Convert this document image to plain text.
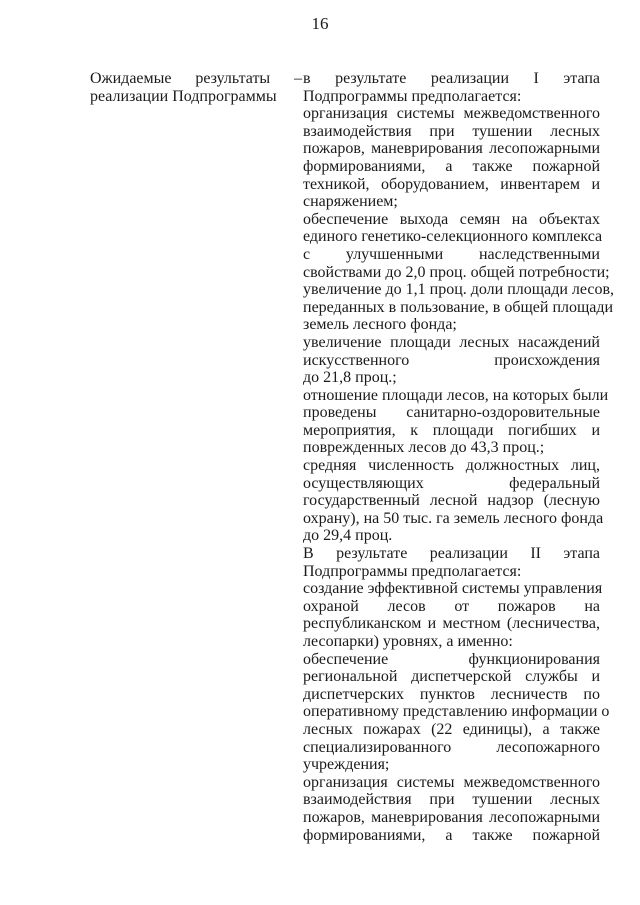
16
Ожидаемые результаты –
реализации Подпрограммы
в результате реализации I этапа
Подпрограммы предполагается:
организация системы межведомственного
взаимодействия при тушении лесных
пожаров, маневрирования лесопожарными
формированиями, а также пожарной
техникой, оборудованием, инвентарем и
снаряжением;
обеспечение выхода семян на объектах
единого генетико-селекционного комплекса
с улучшенными наследственными
свойствами до 2,0 проц. общей потребности;
увеличение до 1,1 проц. доли площади лесов,
переданных в пользование, в общей площади
земель лесного фонда;
увеличение площади лесных насаждений
искусственного происхождения
до 21,8 проц.;
отношение площади лесов, на которых были
проведены санитарно-оздоровительные
мероприятия, к площади погибших и
поврежденных лесов до 43,3 проц.;
средняя численность должностных лиц,
осуществляющих федеральный
государственный лесной надзор (лесную
охрану), на 50 тыс. га земель лесного фонда
до 29,4 проц.
В результате реализации II этапа
Подпрограммы предполагается:
создание эффективной системы управления
охраной лесов от пожаров на
республиканском и местном (лесничества,
лесопарки) уровнях, а именно:
обеспечение функционирования
региональной диспетчерской службы и
диспетчерских пунктов лесничеств по
оперативному представлению информации о
лесных пожарах (22 единицы), а также
специализированного лесопожарного
учреждения;
организация системы межведомственного
взаимодействия при тушении лесных
пожаров, маневрирования лесопожарными
формированиями, а также пожарной
